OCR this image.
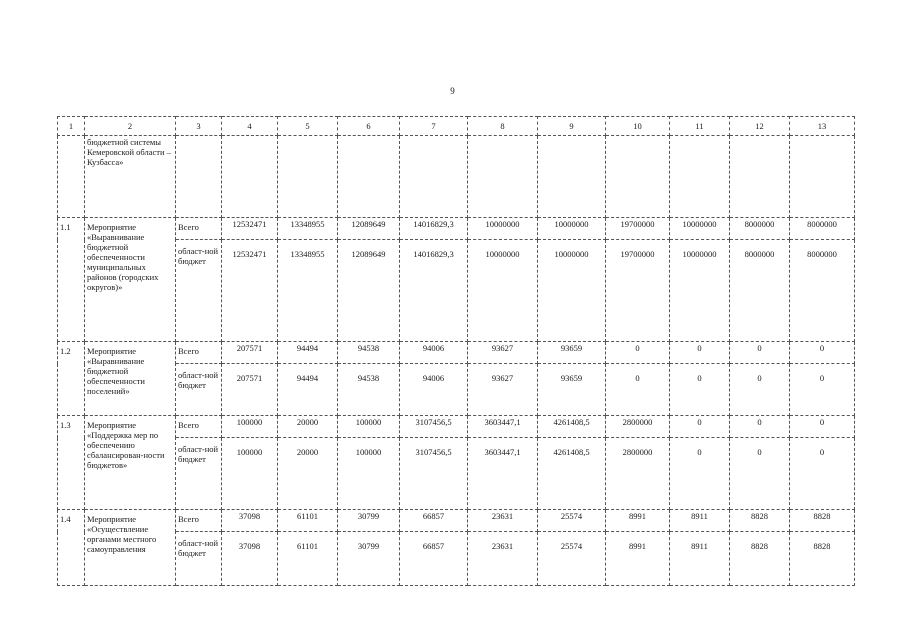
9
1	2	3	4	5	6	7	8	9	10	11	12	13
	бюджетной системы Кемеровской области – Кузбасса»											
1.1	Мероприятие «Выравнивание бюджетной обеспеченности муниципальных районов (городских округов)»	Всего	12532471	13348955	12089649	14016829,3	10000000	10000000	19700000	10000000	8000000	8000000
		област-ной бюджет	12532471	13348955	12089649	14016829,3	10000000	10000000	19700000	10000000	8000000	8000000
1.2	Мероприятие «Выравнивание бюджетной обеспеченности поселений»	Всего	207571	94494	94538	94006	93627	93659	0	0	0	0
		област-ной бюджет	207571	94494	94538	94006	93627	93659	0	0	0	0
1.3	Мероприятие «Поддержка мер по обеспечению сбалансирован-ности бюджетов»	Всего	100000	20000	100000	3107456,5	3603447,1	4261408,5	2800000	0	0	0
		област-ной бюджет	100000	20000	100000	3107456,5	3603447,1	4261408,5	2800000	0	0	0
1.4	Мероприятие «Осуществление органами местного самоуправления	Всего	37098	61101	30799	66857	23631	25574	8991	8911	8828	8828
		област-ной бюджет	37098	61101	30799	66857	23631	25574	8991	8911	8828	8828
